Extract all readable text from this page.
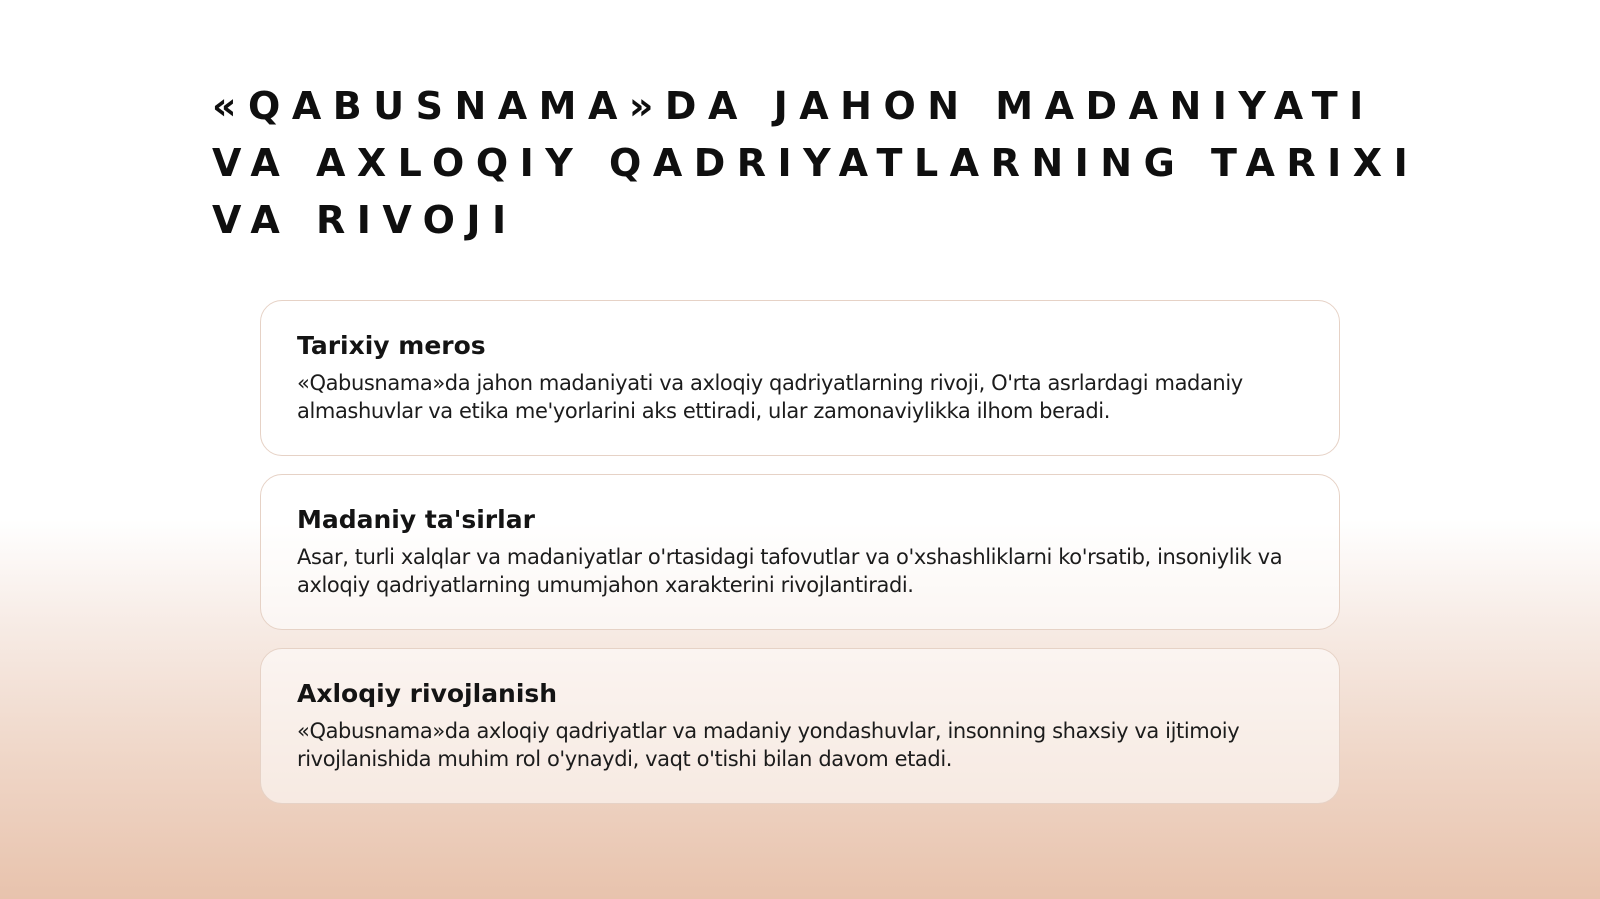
«QABUSNAMA»DA JAHON MADANIYATI VA AXLOQIY QADRIYATLARNING TARIXI VA RIVOJI
Tarixiy meros

«Qabusnama»da jahon madaniyati va axloqiy qadriyatlarning rivoji, O'rta asrlardagi madaniy almashuvlar va etika me'yorlarini aks ettiradi, ular zamonaviylikka ilhom beradi.

Madaniy ta'sirlar

Asar, turli xalqlar va madaniyatlar o'rtasidagi tafovutlar va o'xshashliklarni ko'rsatib, insoniylik va axloqiy qadriyatlarning umumjahon xarakterini rivojlantiradi.

Axloqiy rivojlanish

«Qabusnama»da axloqiy qadriyatlar va madaniy yondashuvlar, insonning shaxsiy va ijtimoiy rivojlanishida muhim rol o'ynaydi, vaqt o'tishi bilan davom etadi.
